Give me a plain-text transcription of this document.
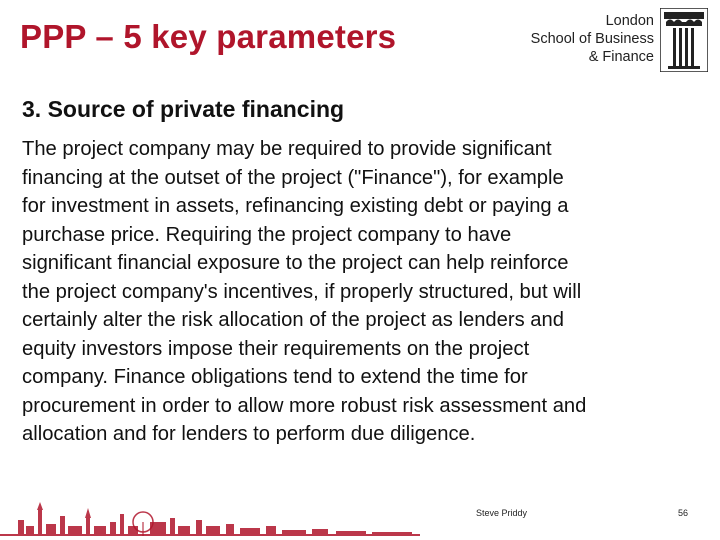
PPP – 5 key parameters	London
School of Business
& Finance
3. Source of private financing

The project company may be required to provide significant
financing at the outset of the project ("Finance"), for example
for investment in assets, refinancing existing debt or paying a
purchase price. Requiring the project company to have
significant financial exposure to the project can help reinforce
the project company's incentives, if properly structured, but will
certainly alter the risk allocation of the project as lenders and
equity investors impose their requirements on the project
company. Finance obligations tend to extend the time for
procurement in order to allow more robust risk assessment and
allocation and for lenders to perform due diligence.

Steve Priddy	56
